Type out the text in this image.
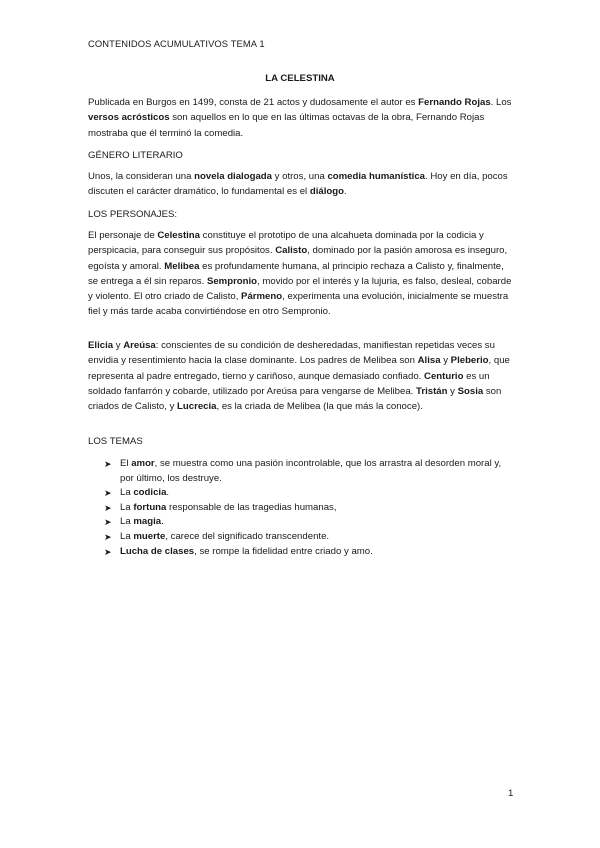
CONTENIDOS ACUMULATIVOS TEMA 1
LA CELESTINA
Publicada en Burgos en 1499, consta de 21 actos y dudosamente el autor es Fernando Rojas. Los versos acrósticos son aquellos en lo que en las últimas octavas de la obra, Fernando Rojas mostraba que él terminó la comedia.
GÉNERO LITERARIO
Unos, la consideran una novela dialogada y otros, una comedia humanística. Hoy en día, pocos discuten el carácter dramático, lo fundamental es el diálogo.
LOS PERSONAJES:
El personaje de Celestina constituye el prototipo de una alcahueta dominada por la codicia y perspicacia, para conseguir sus propósitos. Calisto, dominado por la pasión amorosa es inseguro, egoísta y amoral. Melibea es profundamente humana, al principio rechaza a Calisto y, finalmente, se entrega a él sin reparos. Sempronio, movido por el interés y la lujuria, es falso, desleal, cobarde y violento. El otro criado de Calisto, Pármeno, experimenta una evolución, inicialmente se muestra fiel y más tarde acaba convirtiéndose en otro Sempronio.
Elicia y Areúsa: conscientes de su condición de desheredadas, manifiestan repetidas veces su envidia y resentimiento hacia la clase dominante. Los padres de Melibea son Alisa y Pleberio, que representa al padre entregado, tierno y cariñoso, aunque demasiado confiado. Centurio es un soldado fanfarrón y cobarde, utilizado por Areúsa para vengarse de Melibea. Tristán y Sosia son criados de Calisto, y Lucrecia, es la criada de Melibea (la que más la conoce).
LOS TEMAS
➤ El amor, se muestra como una pasión incontrolable, que los arrastra al desorden moral y, por último, los destruye.
➤ La codicia.
➤ La fortuna responsable de las tragedias humanas,
➤ La magia.
➤ La muerte, carece del significado transcendente.
➤ Lucha de clases, se rompe la fidelidad entre criado y amo.
1
